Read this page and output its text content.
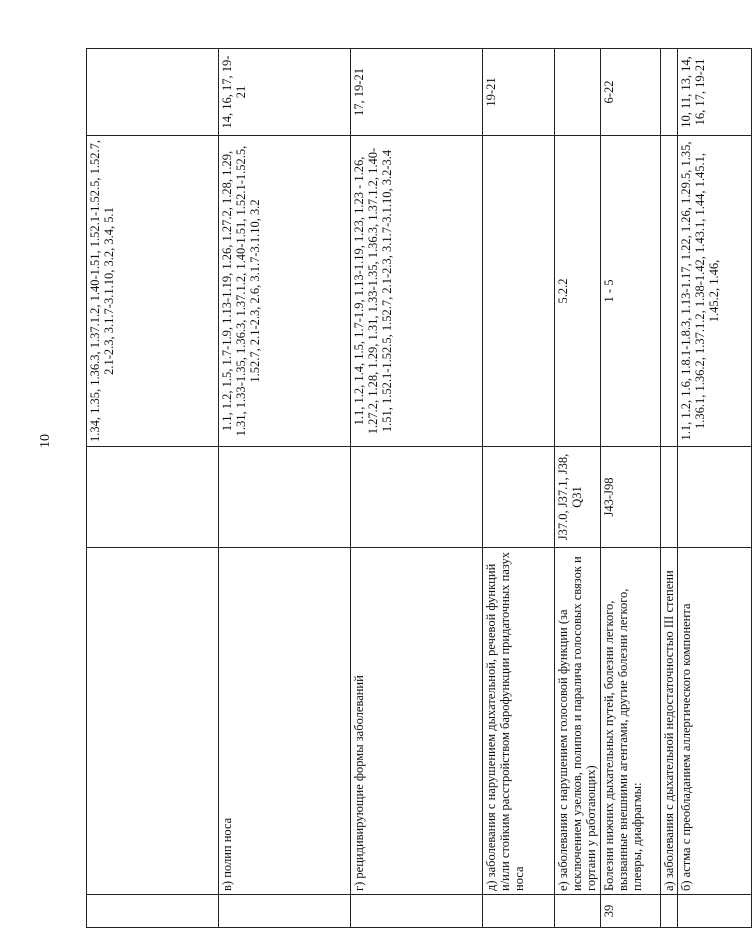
10
				1.34, 1.35, 1.36.3, 1.37.1.2, 1.40-1.51, 1.52.1-1.52.5, 1.52.7, 2.1-2.3, 3.1.7-3.1.10, 3.2, 3.4, 5.1	
	в) полип носа		1.1, 1.2, 1.5, 1.7-1.9, 1.13-1.19, 1.26, 1.27.2, 1.28, 1.29, 1.31, 1.33-1.35, 1.36.3, 1.37.1.2, 1.40-1.51, 1.52.1-1.52.5, 1.52.7, 2.1-2.3, 2.6, 3.1.7-3.1.10, 3.2	14, 16, 17, 19-21
	г) рецидивирующие формы заболеваний		1.1, 1.2, 1.4, 1.5, 1.7-1.9, 1.13-1.19, 1.23, 1.23 - 1.26, 1.27.2, 1.28, 1.29, 1.31, 1.33-1.35, 1.36.3, 1.37.1.2, 1.40-1.51, 1.52.1-1.52.5, 1.52.7, 2.1-2.3, 3.1.7-3.1.10, 3.2-3.4	17, 19-21
	д) заболевания с нарушением дыхательной, речевой функций и/или стойким расстройством барофункции придаточных пазух носа			19-21
	е) заболевания с нарушением голосовой функции (за исключением узелков, полипов и паралича голосовых связок и гортани у работающих)	J37.0, J37.1, J38, Q31	5.2.2	
39	Болезни нижних дыхательных путей, болезни легкого, вызванные внешними агентами, другие болезни легкого, плевры, диафрагмы:	J43-J98	1 - 5	6-22
	а) заболевания с дыхательной недостаточностью III степени			
	б) астма с преобладанием аллергического компонента		1.1, 1.2, 1.6, 1.8.1-1.8.3, 1.13-1.17, 1.22, 1.26, 1.29.5, 1.35, 1.36.1, 1.36.2, 1.37.1.2, 1.38-1.42, 1.43.1, 1.44, 1.45.1, 1.45.2, 1.46,	10, 11, 13, 14, 16, 17, 19-21
